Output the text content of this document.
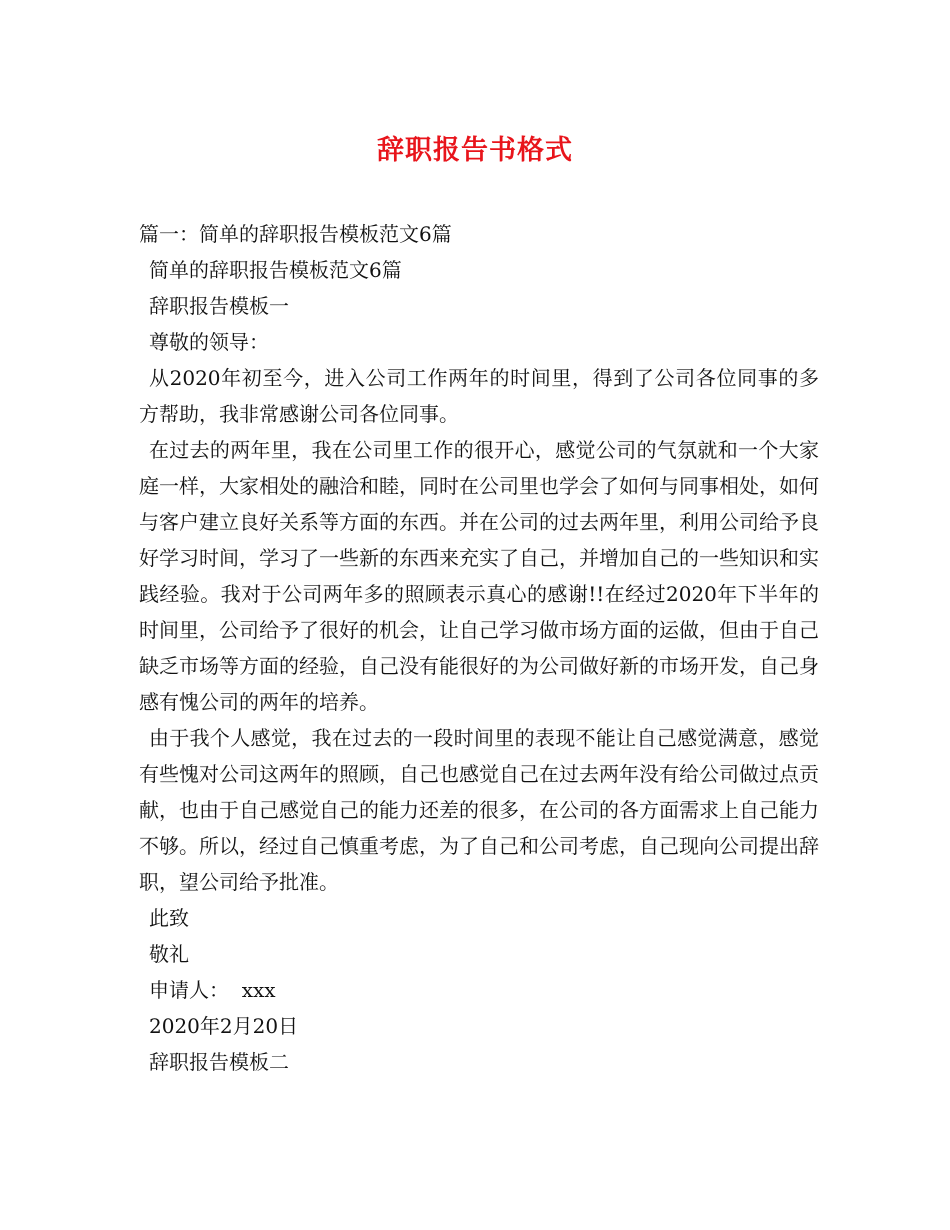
辞职报告书格式

篇一：简单的辞职报告模板范文6篇

简单的辞职报告模板范文6篇

辞职报告模板一

尊敬的领导：

从2020年初至今，进入公司工作两年的时间里，得到了公司各位同事的多方帮助，我非常感谢公司各位同事。

在过去的两年里，我在公司里工作的很开心，感觉公司的气氛就和一个大家庭一样，大家相处的融洽和睦，同时在公司里也学会了如何与同事相处，如何与客户建立良好关系等方面的东西。并在公司的过去两年里，利用公司给予良好学习时间，学习了一些新的东西来充实了自己，并增加自己的一些知识和实践经验。我对于公司两年多的照顾表示真心的感谢!!在经过2020年下半年的时间里，公司给予了很好的机会，让自己学习做市场方面的运做，但由于自己缺乏市场等方面的经验，自己没有能很好的为公司做好新的市场开发，自己身感有愧公司的两年的培养。

由于我个人感觉，我在过去的一段时间里的表现不能让自己感觉满意，感觉有些愧对公司这两年的照顾，自己也感觉自己在过去两年没有给公司做过点贡献，也由于自己感觉自己的能力还差的很多，在公司的各方面需求上自己能力不够。所以，经过自己慎重考虑，为了自己和公司考虑，自己现向公司提出辞职，望公司给予批准。

此致

敬礼

申请人：  xxx

2020年2月20日

辞职报告模板二
